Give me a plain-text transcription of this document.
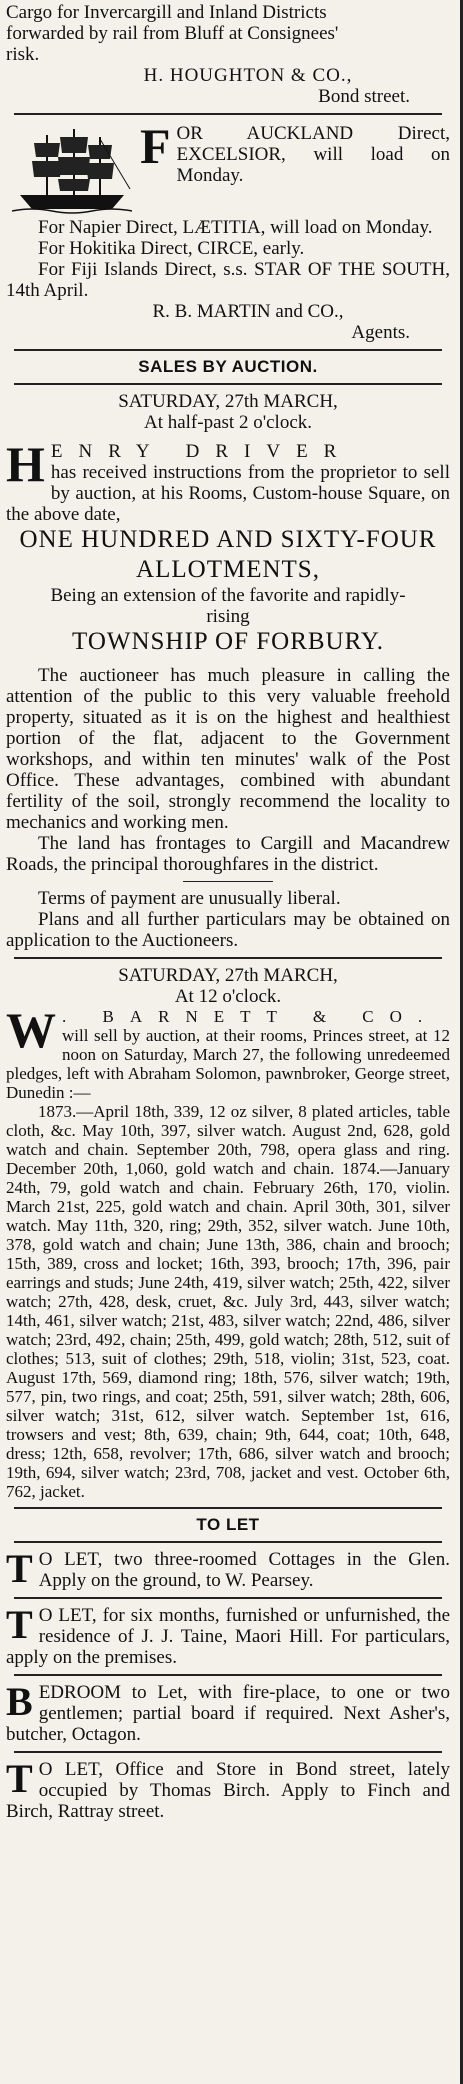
Cargo for Invercargill and Inland Districts

forwarded by rail from Bluff at Consignees'

risk.

H. HOUGHTON & CO.,

Bond street.

FOR AUCKLAND Direct, EXCELSIOR, will load on Monday.

For Napier Direct, LÆTITIA, will load on Monday.

For Hokitika Direct, CIRCE, early.

For Fiji Islands Direct, s.s. STAR OF THE SOUTH, 14th April.

R. B. MARTIN and CO.,

Agents.

SALES BY AUCTION.

SATURDAY, 27th MARCH,

At half-past 2 o'clock.

HENRY DRIVER
has received instructions from the proprietor to sell by auction, at his Rooms, Custom-house Square, on the above date,

ONE HUNDRED AND SIXTY-FOUR ALLOTMENTS,

Being an extension of the favorite and rapidly-rising

TOWNSHIP OF FORBURY.

The auctioneer has much pleasure in calling the attention of the public to this very valuable freehold property, situated as it is on the highest and healthiest portion of the flat, adjacent to the Government workshops, and within ten minutes' walk of the Post Office. These advantages, combined with abundant fertility of the soil, strongly recommend the locality to mechanics and working men.

The land has frontages to Cargill and Macandrew Roads, the principal thoroughfares in the district.

Terms of payment are unusually liberal.

Plans and all further particulars may be obtained on application to the Auctioneers.

SATURDAY, 27th MARCH,

At 12 o'clock.

W . BARNETT & CO.
will sell by auction, at their rooms, Princes street, at 12 noon on Saturday, March 27, the following unredeemed pledges, left with Abraham Solomon, pawnbroker, George street, Dunedin :—

1873.—April 18th, 339, 12 oz silver, 8 plated articles, table cloth, &c. May 10th, 397, silver watch. August 2nd, 628, gold watch and chain. September 20th, 798, opera glass and ring. December 20th, 1,060, gold watch and chain. 1874.—January 24th, 79, gold watch and chain. February 26th, 170, violin. March 21st, 225, gold watch and chain. April 30th, 301, silver watch. May 11th, 320, ring; 29th, 352, silver watch. June 10th, 378, gold watch and chain; June 13th, 386, chain and brooch; 15th, 389, cross and locket; 16th, 393, brooch; 17th, 396, pair earrings and studs; June 24th, 419, silver watch; 25th, 422, silver watch; 27th, 428, desk, cruet, &c. July 3rd, 443, silver watch; 14th, 461, silver watch; 21st, 483, silver watch; 22nd, 486, silver watch; 23rd, 492, chain; 25th, 499, gold watch; 28th, 512, suit of clothes; 513, suit of clothes; 29th, 518, violin; 31st, 523, coat. August 17th, 569, diamond ring; 18th, 576, silver watch; 19th, 577, pin, two rings, and coat; 25th, 591, silver watch; 28th, 606, silver watch; 31st, 612, silver watch. September 1st, 616, trowsers and vest; 8th, 639, chain; 9th, 644, coat; 10th, 648, dress; 12th, 658, revolver; 17th, 686, silver watch and brooch; 19th, 694, silver watch; 23rd, 708, jacket and vest. October 6th, 762, jacket.

TO LET

T O LET, two three-roomed Cottages in the Glen. Apply on the ground, to W. Pearsey.

T O LET, for six months, furnished or unfurnished, the residence of J. J. Taine, Maori Hill. For particulars, apply on the premises.

BEDROOM to Let, with fire-place, to one or two gentlemen; partial board if required. Next Asher's, butcher, Octagon.

T O LET, Office and Store in Bond street, lately occupied by Thomas Birch. Apply to Finch and Birch, Rattray street.
